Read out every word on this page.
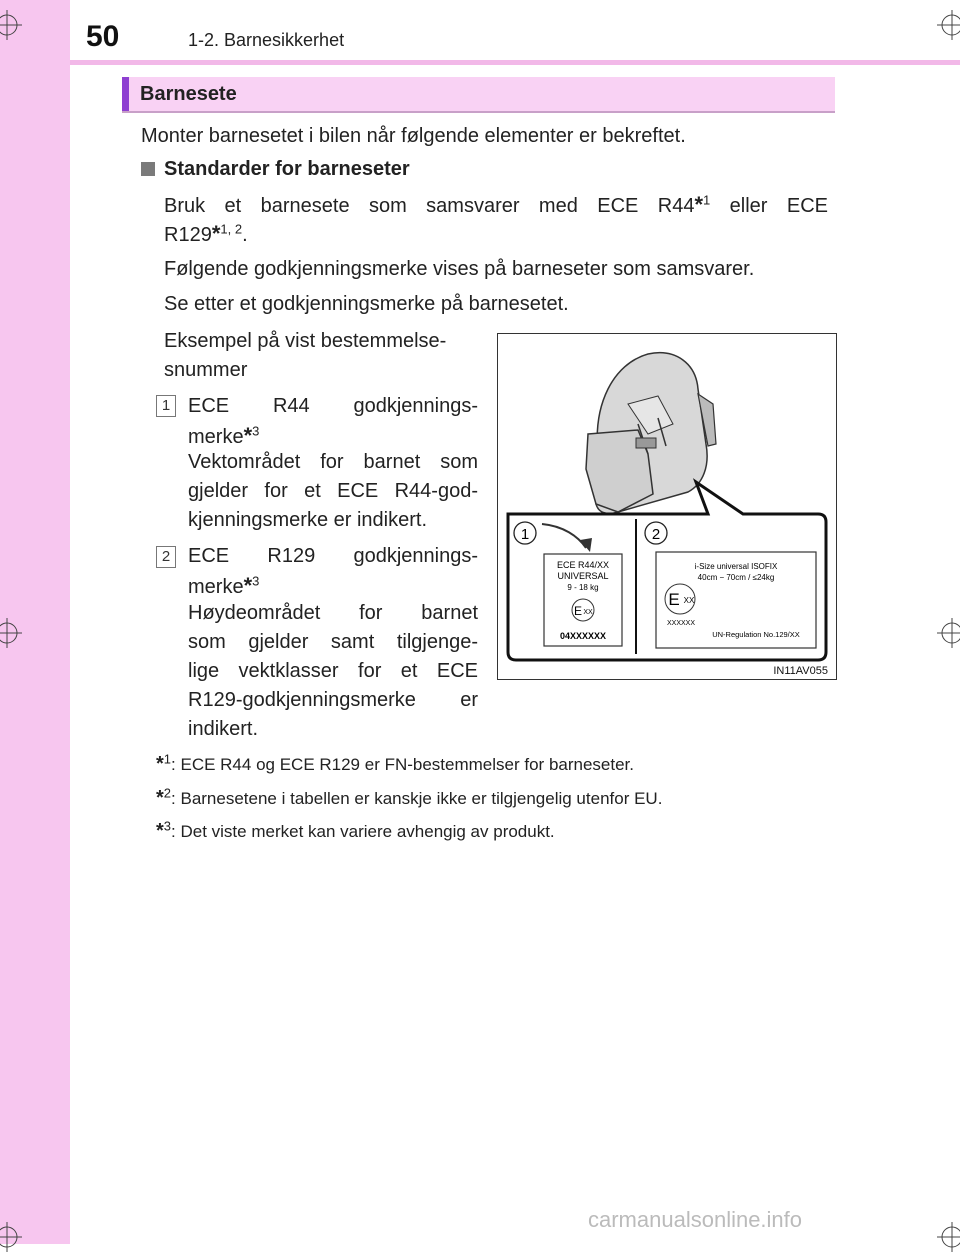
50	1-2. Barnesikkerhet
Barnesete
Monter barnesetet i bilen når følgende elementer er bekreftet.
Standarder for barneseter
Bruk et barnesete som samsvarer med ECE R44*$^1$ eller ECE
R129*$^{1, 2}$.
Følgende godkjenningsmerke vises på barneseter som samsvarer.
Se etter et godkjenningsmerke på barnesetet.
Eksempel på vist bestemmelse-
snummer
1 ECE R44 godkjennings-
merke*$^3$
Vektområdet for barnet som
gjelder for et ECE R44-god-
kjenningsmerke er indikert.
2 ECE R129 godkjennings-
merke*$^3$
Høydeområdet for barnet
som gjelder samt tilgjenge-
lige vektklasser for et ECE
R129-godkjenningsmerke er
indikert.
1	2
ECE R44/XX
UNIVERSAL
9 - 18 kg
E XX
04XXXXXX
i-Size universal ISOFIX
40cm − 70cm / ≤24kg
E XX
XXXXXX
UN-Regulation No.129/XX
IN11AV055
*$^1$: ECE R44 og ECE R129 er FN-bestemmelser for barneseter.
*$^2$: Barnesetene i tabellen er kanskje ikke er tilgjengelig utenfor EU.
*$^3$: Det viste merket kan variere avhengig av produkt.
carmanualsonline.info
